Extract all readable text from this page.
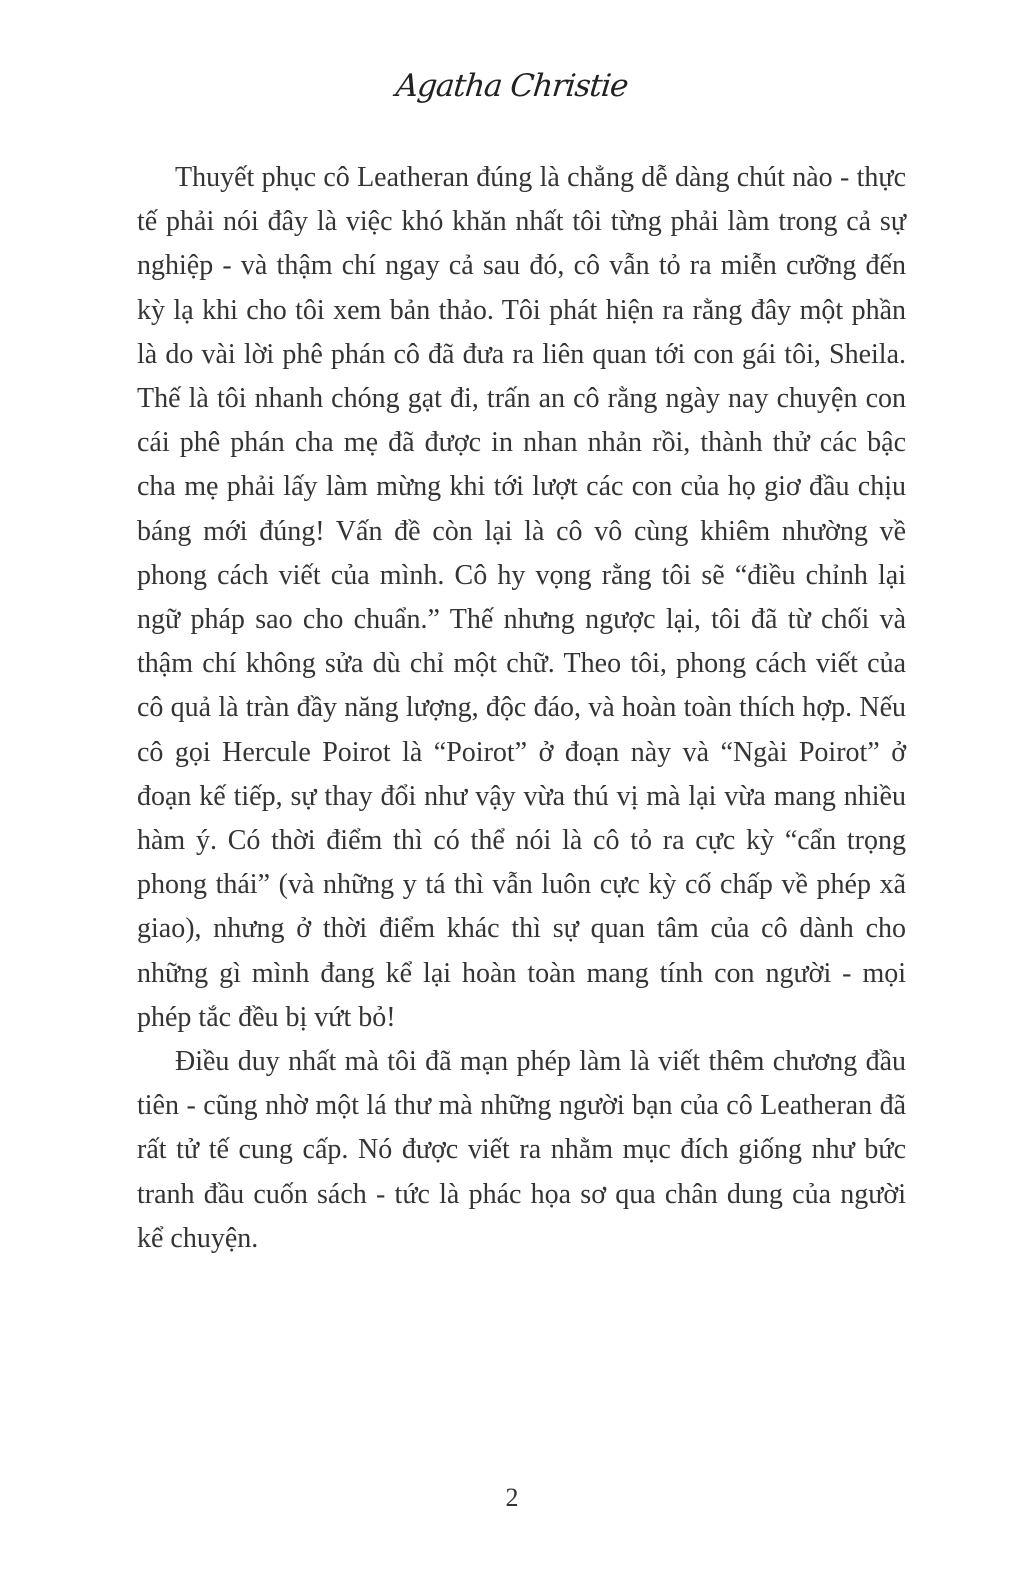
Agatha Christie

Thuyết phục cô Leatheran đúng là chẳng dễ dàng chút nào - thực tế phải nói đây là việc khó khăn nhất tôi từng phải làm trong cả sự nghiệp - và thậm chí ngay cả sau đó, cô vẫn tỏ ra miễn cưỡng đến kỳ lạ khi cho tôi xem bản thảo. Tôi phát hiện ra rằng đây một phần là do vài lời phê phán cô đã đưa ra liên quan tới con gái tôi, Sheila. Thế là tôi nhanh chóng gạt đi, trấn an cô rằng ngày nay chuyện con cái phê phán cha mẹ đã được in nhan nhản rồi, thành thử các bậc cha mẹ phải lấy làm mừng khi tới lượt các con của họ giơ đầu chịu báng mới đúng! Vấn đề còn lại là cô vô cùng khiêm nhường về phong cách viết của mình. Cô hy vọng rằng tôi sẽ “điều chỉnh lại ngữ pháp sao cho chuẩn.” Thế nhưng ngược lại, tôi đã từ chối và thậm chí không sửa dù chỉ một chữ. Theo tôi, phong cách viết của cô quả là tràn đầy năng lượng, độc đáo, và hoàn toàn thích hợp. Nếu cô gọi Hercule Poirot là “Poirot” ở đoạn này và “Ngài Poirot” ở đoạn kế tiếp, sự thay đổi như vậy vừa thú vị mà lại vừa mang nhiều hàm ý. Có thời điểm thì có thể nói là cô tỏ ra cực kỳ “cẩn trọng phong thái” (và những y tá thì vẫn luôn cực kỳ cố chấp về phép xã giao), nhưng ở thời điểm khác thì sự quan tâm của cô dành cho những gì mình đang kể lại hoàn toàn mang tính con người - mọi phép tắc đều bị vứt bỏ!

Điều duy nhất mà tôi đã mạn phép làm là viết thêm chương đầu tiên - cũng nhờ một lá thư mà những người bạn của cô Leatheran đã rất tử tế cung cấp. Nó được viết ra nhằm mục đích giống như bức tranh đầu cuốn sách - tức là phác họa sơ qua chân dung của người kể chuyện.

2
